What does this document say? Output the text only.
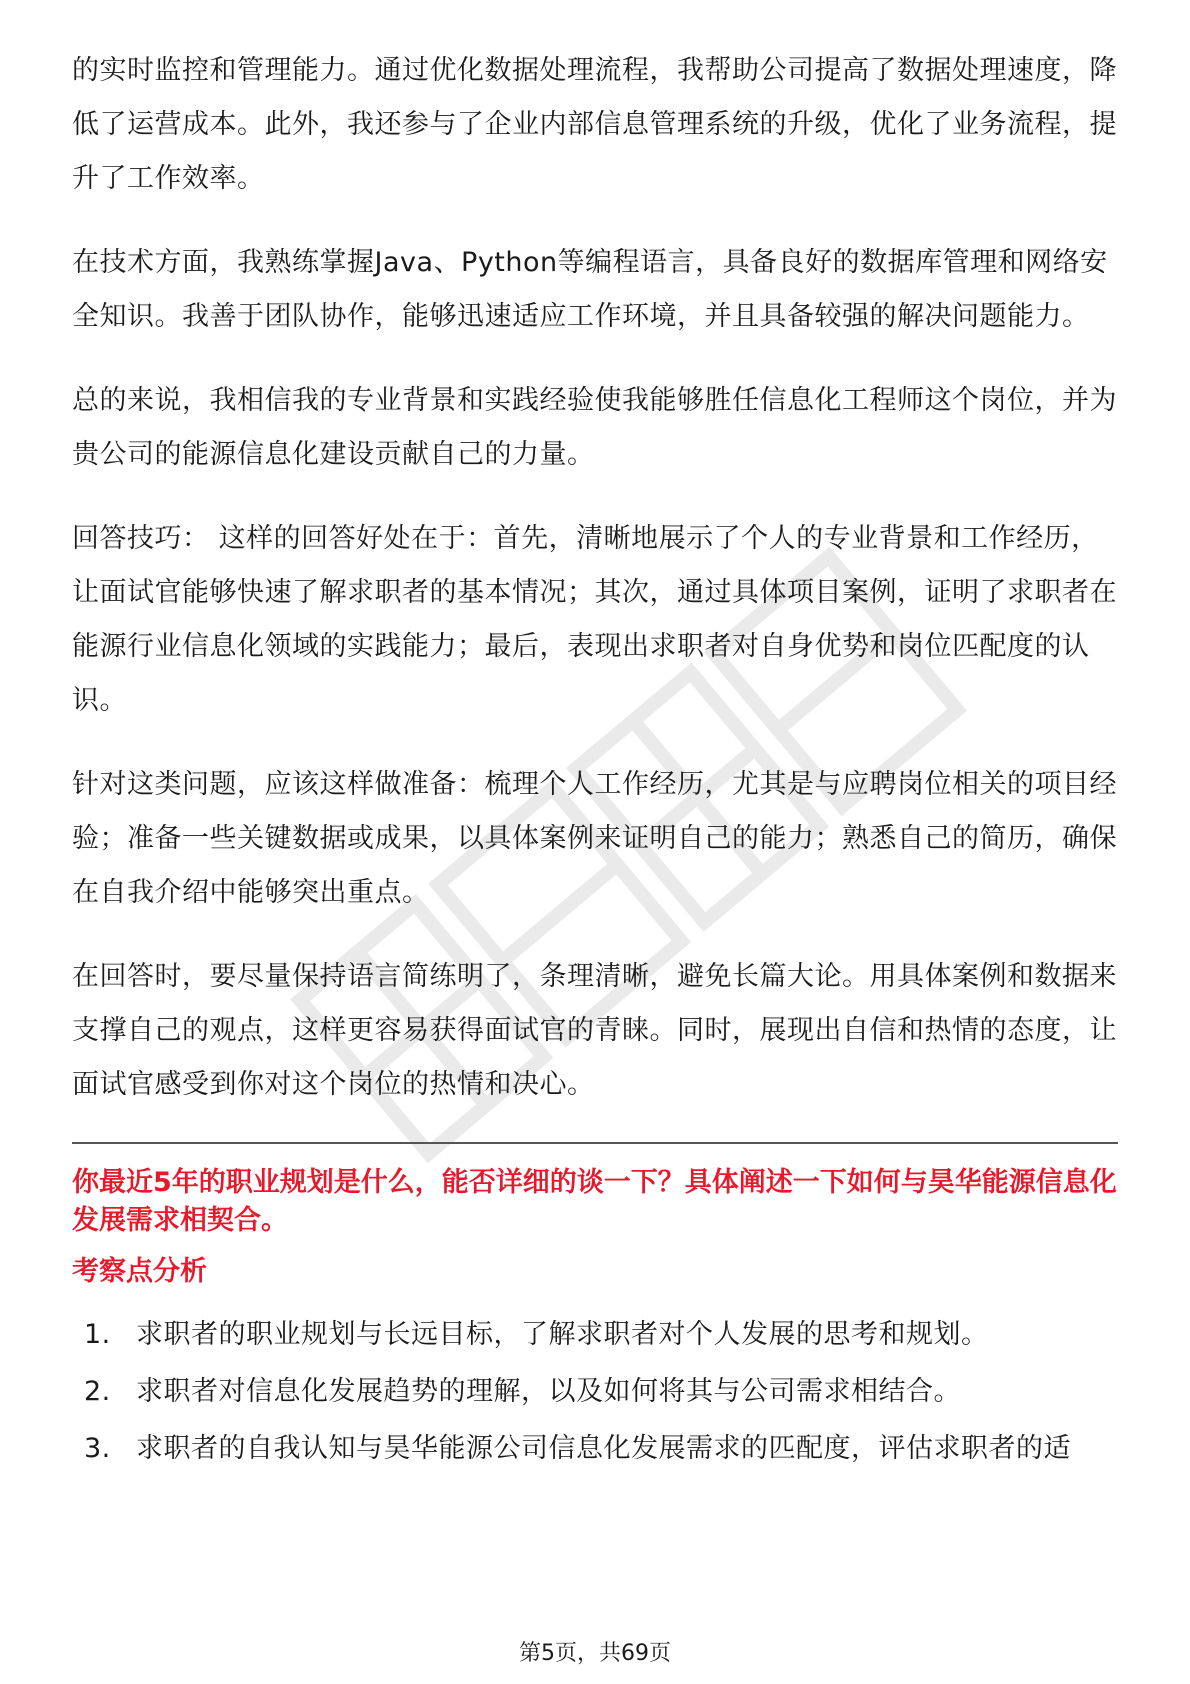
的实时监控和管理能力。通过优化数据处理流程，我帮助公司提高了数据处理速度，降低了运营成本。此外，我还参与了企业内部信息管理系统的升级，优化了业务流程，提升了工作效率。

在技术方面，我熟练掌握Java、Python等编程语言，具备良好的数据库管理和网络安全知识。我善于团队协作，能够迅速适应工作环境，并且具备较强的解决问题能力。

总的来说，我相信我的专业背景和实践经验使我能够胜任信息化工程师这个岗位，并为贵公司的能源信息化建设贡献自己的力量。

回答技巧： 这样的回答好处在于：首先，清晰地展示了个人的专业背景和工作经历，让面试官能够快速了解求职者的基本情况；其次，通过具体项目案例，证明了求职者在能源行业信息化领域的实践能力；最后，表现出求职者对自身优势和岗位匹配度的认识。

针对这类问题，应该这样做准备：梳理个人工作经历，尤其是与应聘岗位相关的项目经验；准备一些关键数据或成果，以具体案例来证明自己的能力；熟悉自己的简历，确保在自我介绍中能够突出重点。

在回答时，要尽量保持语言简练明了，条理清晰，避免长篇大论。用具体案例和数据来支撑自己的观点，这样更容易获得面试官的青睐。同时，展现出自信和热情的态度，让面试官感受到你对这个岗位的热情和决心。

你最近5年的职业规划是什么，能否详细的谈一下？具体阐述一下如何与昊华能源信息化发展需求相契合。

考察点分析

1. 求职者的职业规划与长远目标，了解求职者对个人发展的思考和规划。
2. 求职者对信息化发展趋势的理解，以及如何将其与公司需求相结合。
3. 求职者的自我认知与昊华能源公司信息化发展需求的匹配度，评估求职者的适
第5页，共69页
